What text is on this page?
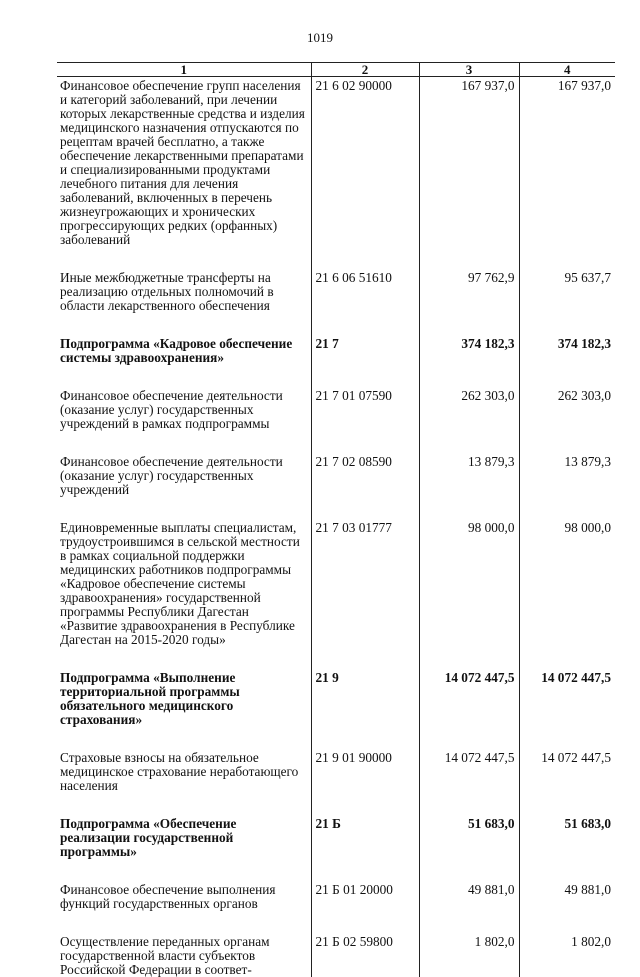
1019
1	2	3	4
Финансовое обеспечение групп населения и категорий заболеваний, при лечении которых лекарственные средства и изделия медицинского назначения отпускаются по рецептам врачей бесплатно, а также обеспечение лекарственными препаратами и специализированными продуктами лечебного питания для лечения заболеваний, включенных в перечень жизнеугрожающих и хронических прогрессирующих редких (орфанных) заболеваний	21 6 02 90000	167 937,0	167 937,0

Иные межбюджетные трансферты на реализацию отдельных полномочий в области лекарственного обеспечения	21 6 06 51610	97 762,9	95 637,7

Подпрограмма «Кадровое обеспечение системы здравоохранения»	21 7	374 182,3	374 182,3

Финансовое обеспечение деятельности (оказание услуг) государственных учреждений в рамках подпрограммы	21 7 01 07590	262 303,0	262 303,0

Финансовое обеспечение деятельности (оказание услуг) государственных учреждений	21 7 02 08590	13 879,3	13 879,3

Единовременные выплаты специалистам, трудоустроившимся в сельской местности в рамках социальной поддержки медицинских работников подпрограммы «Кадровое обеспечение системы здравоохранения» государственной программы Республики Дагестан «Развитие здравоохранения в Республике Дагестан на 2015-2020 годы»	21 7 03 01777	98 000,0	98 000,0

Подпрограмма «Выполнение территориальной программы обязательного медицинского страхования»	21 9	14 072 447,5	14 072 447,5

Страховые взносы на обязательное медицинское страхование неработающего населения	21 9 01 90000	14 072 447,5	14 072 447,5

Подпрограмма «Обеспечение реализации государственной программы»	21 Б	51 683,0	51 683,0

Финансовое обеспечение выполнения функций государственных органов	21 Б 01 20000	49 881,0	49 881,0

Осуществление переданных органам государственной власти субъектов Российской Федерации в соответ-	21 Б 02 59800	1 802,0	1 802,0
